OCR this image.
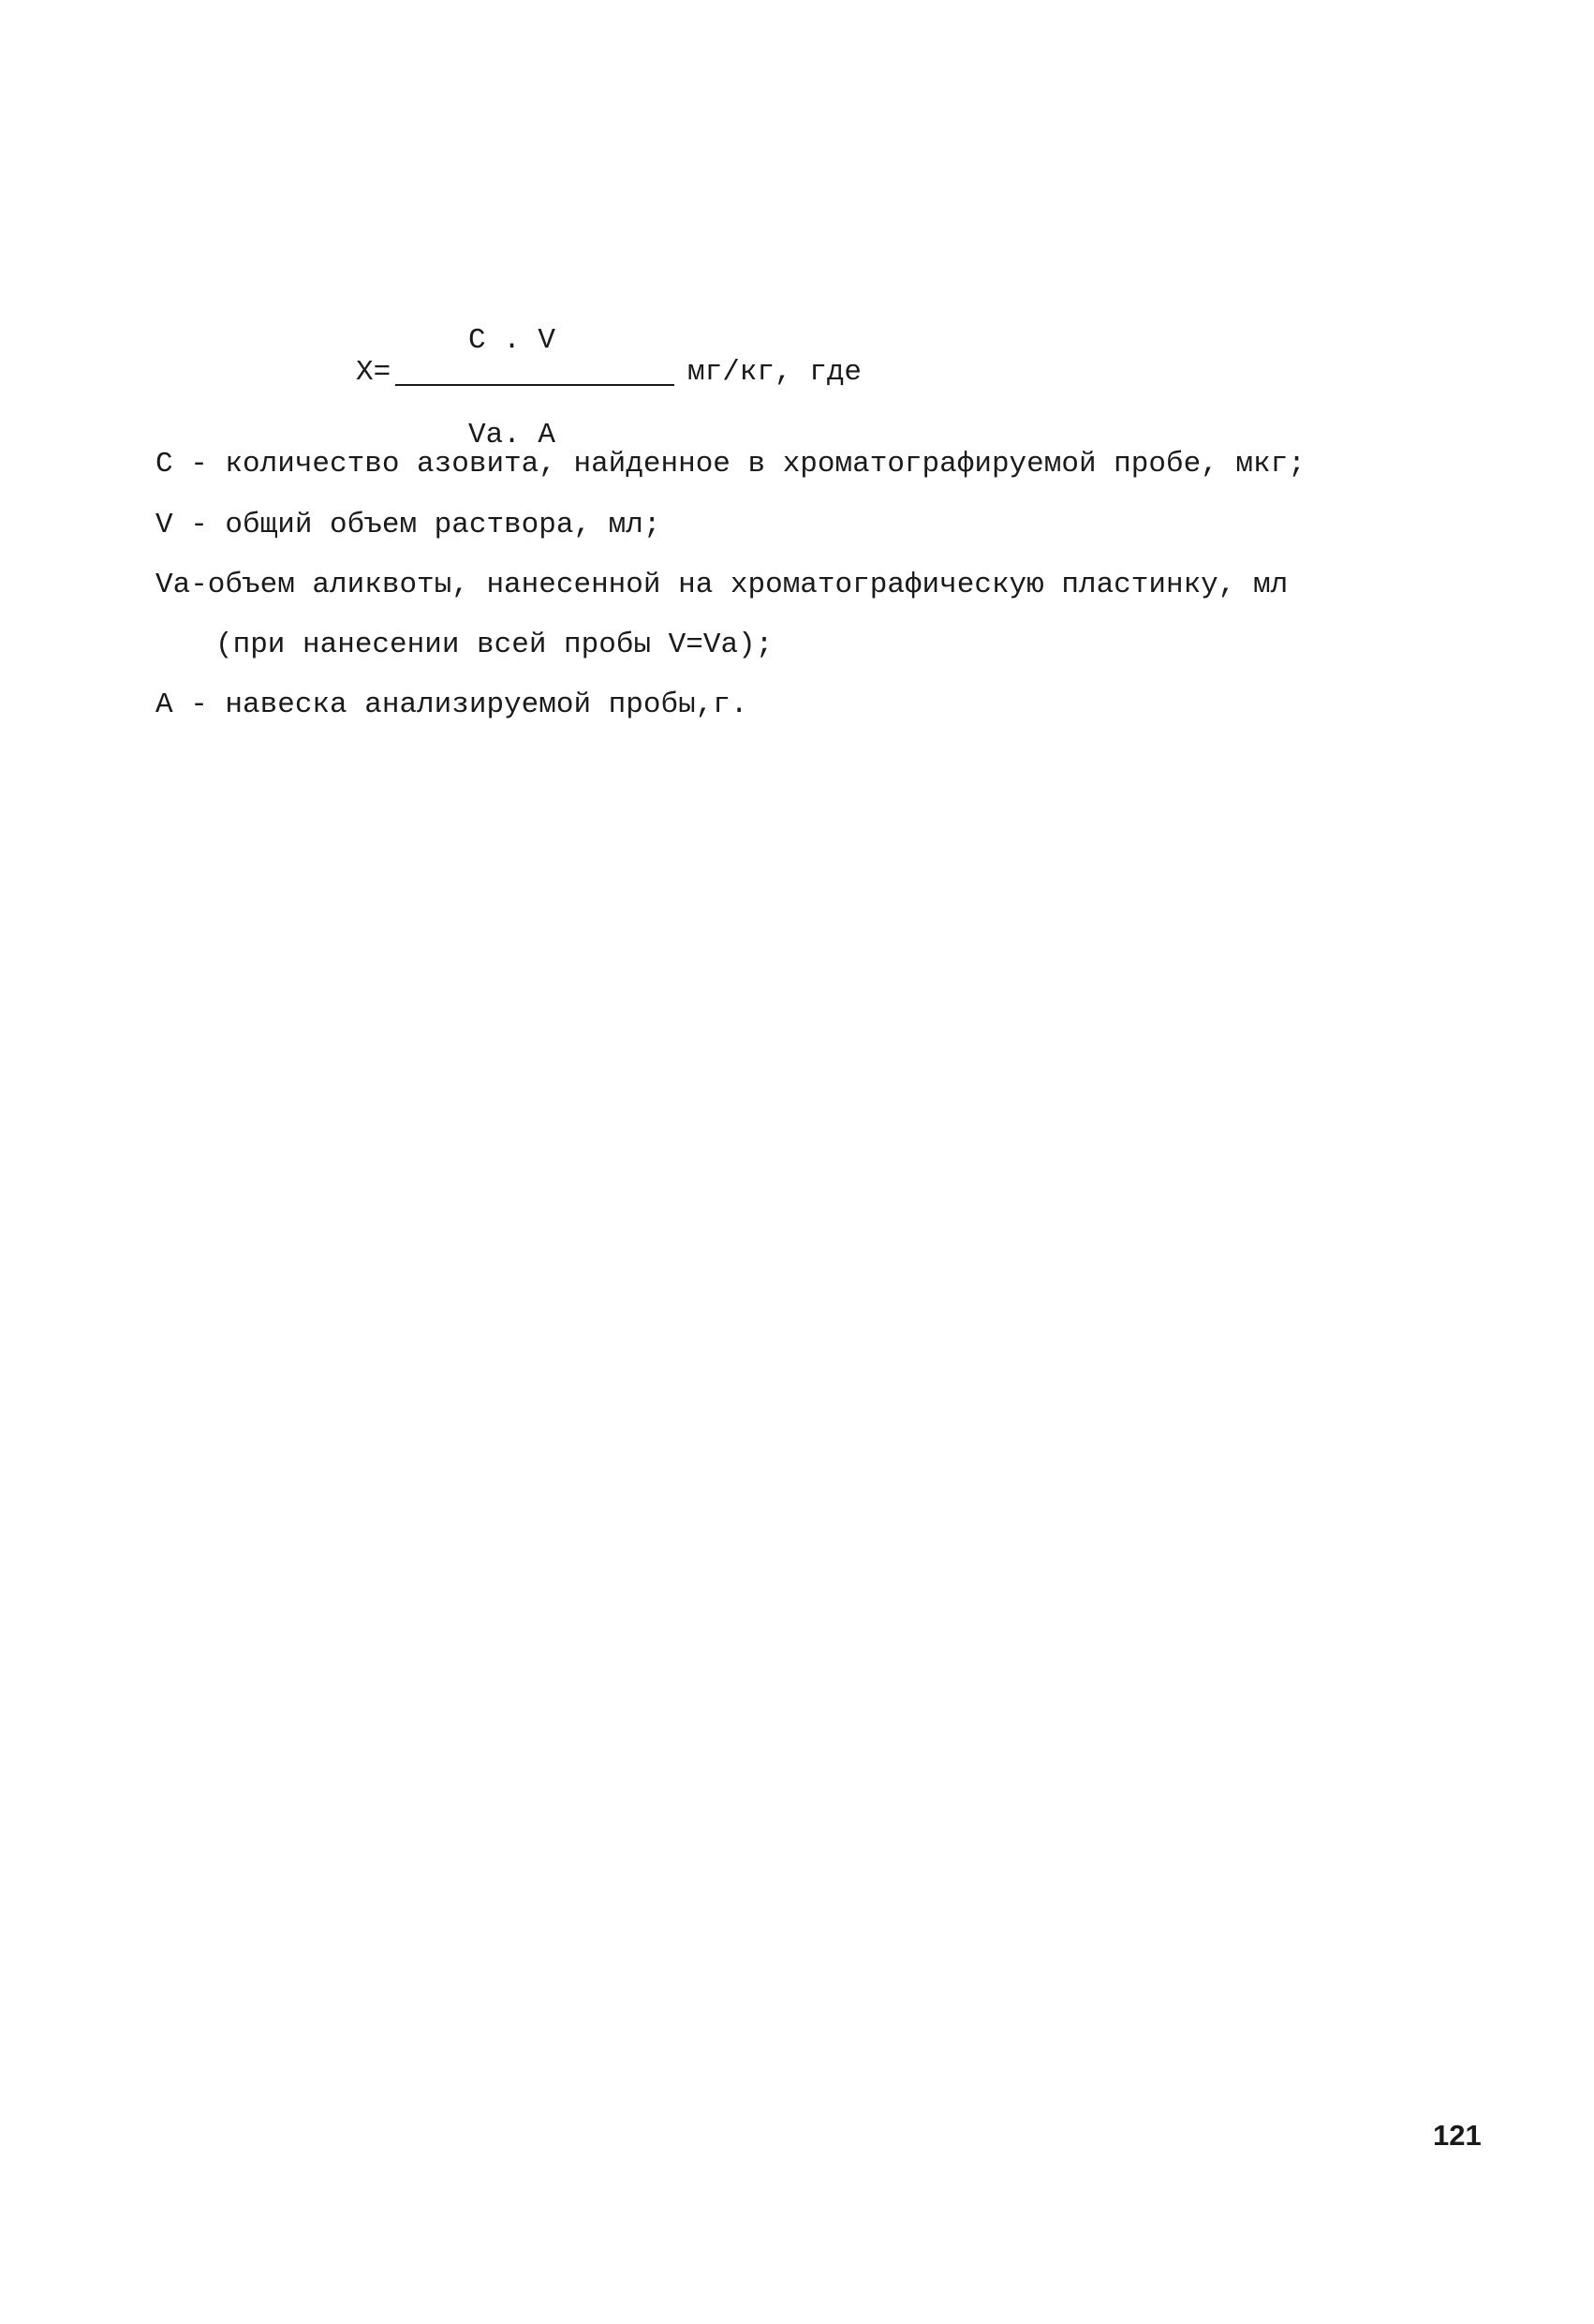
C . V
X=	мг/кг, где
Va. A
C - количество азовита, найденное в хроматографируемой пробе, мкг;
V - общий объем раствора, мл;
Va-объем аликвоты, нанесенной на хроматографическую пластинку, мл
(при нанесении всей пробы V=Va);
A - навеска анализируемой пробы,г.
121
